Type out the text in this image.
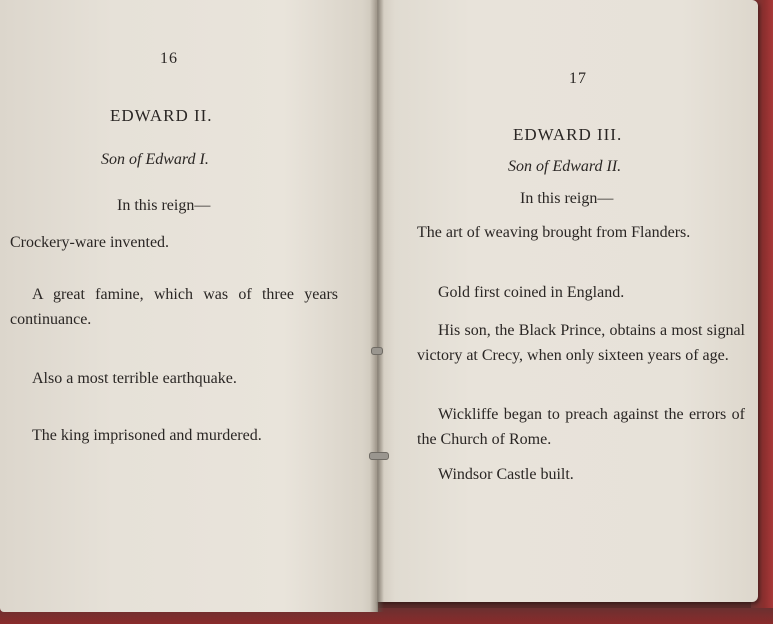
16
EDWARD II.
Son of Edward I.
In this reign—
Crockery-ware invented.
A great famine, which was of three years continuance.
Also a most terrible earthquake.
The king imprisoned and murdered.
17
EDWARD III.
Son of Edward II.
In this reign—
The art of weaving brought from Flanders.
Gold first coined in England.
His son, the Black Prince, obtains a most signal victory at Crecy, when only sixteen years of age.
Wickliffe began to preach against the errors of the Church of Rome.
Windsor Castle built.
